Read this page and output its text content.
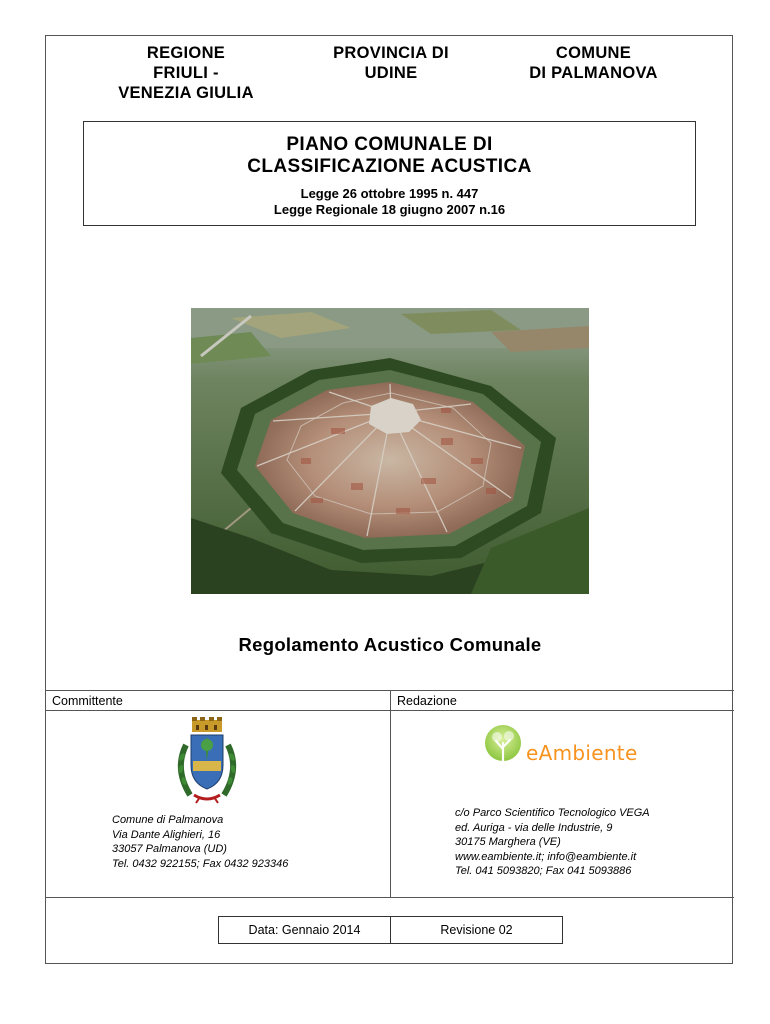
REGIONE
FRIULI -
VENEZIA GIULIA
PROVINCIA DI
UDINE
COMUNE
DI PALMANOVA
PIANO COMUNALE DI
CLASSIFICAZIONE ACUSTICA
Legge 26 ottobre 1995 n. 447
Legge Regionale 18 giugno 2007 n.16
Regolamento Acustico Comunale
Committente	Redazione
Comune di Palmanova
Via Dante Alighieri, 16
33057 Palmanova (UD)
Tel. 0432 922155; Fax 0432 923346
eAmbiente
c/o Parco Scientifico Tecnologico VEGA
ed. Auriga - via delle Industrie, 9
30175 Marghera (VE)
www.eambiente.it; info@eambiente.it
Tel. 041 5093820; Fax 041 5093886
Data: Gennaio 2014	Revisione 02
